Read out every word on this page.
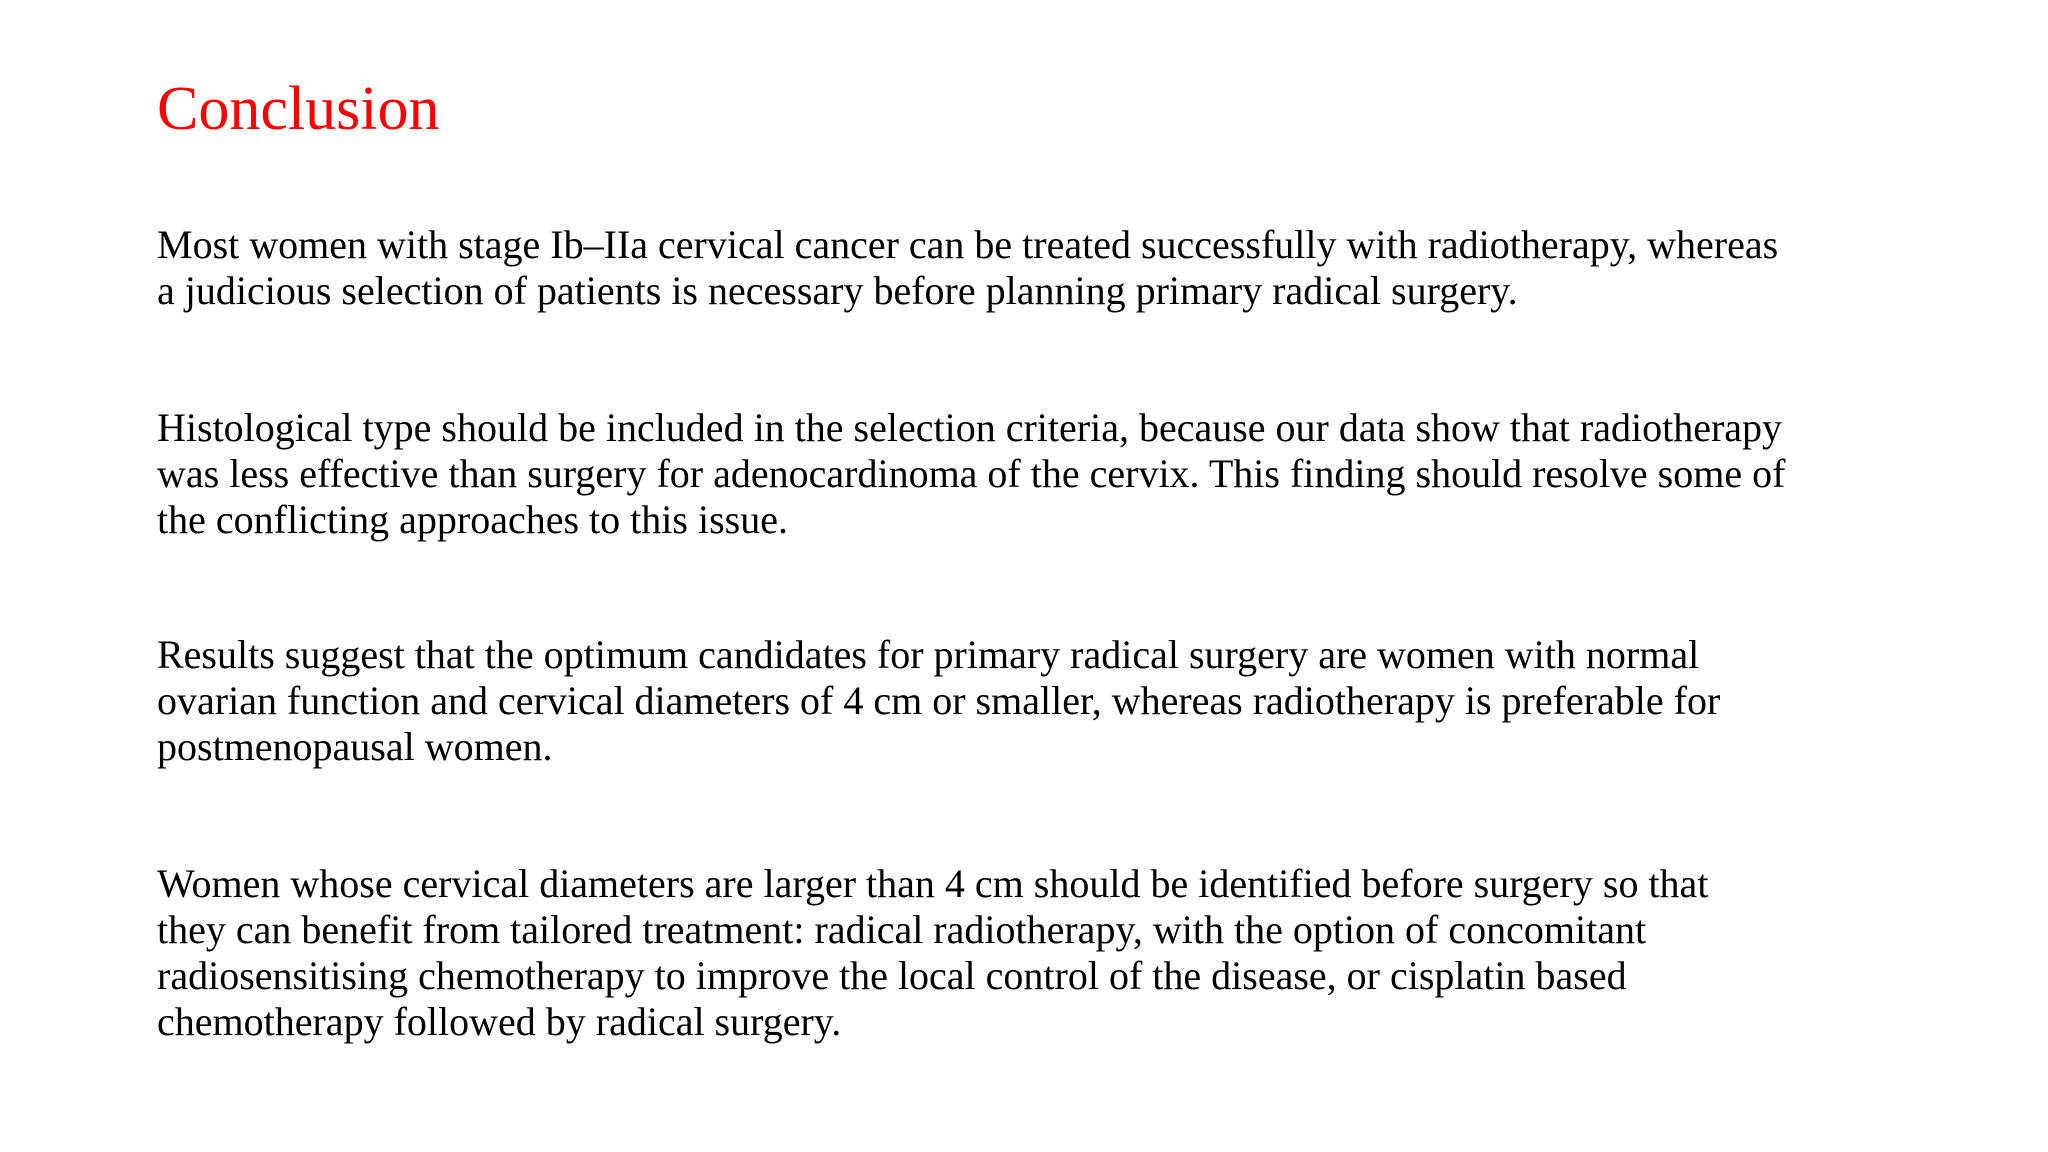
Conclusion

Most women with stage Ib–IIa cervical cancer can be treated successfully with radiotherapy, whereas
a judicious selection of patients is necessary before planning primary radical surgery.

Histological type should be included in the selection criteria, because our data show that radiotherapy
was less effective than surgery for adenocardinoma of the cervix. This finding should resolve some of
the conflicting approaches to this issue.

Results suggest that the optimum candidates for primary radical surgery are women with normal
ovarian function and cervical diameters of 4 cm or smaller, whereas radiotherapy is preferable for
postmenopausal women.

Women whose cervical diameters are larger than 4 cm should be identified before surgery so that
they can benefit from tailored treatment: radical radiotherapy, with the option of concomitant
radiosensitising chemotherapy to improve the local control of the disease, or cisplatin based
chemotherapy followed by radical surgery.
